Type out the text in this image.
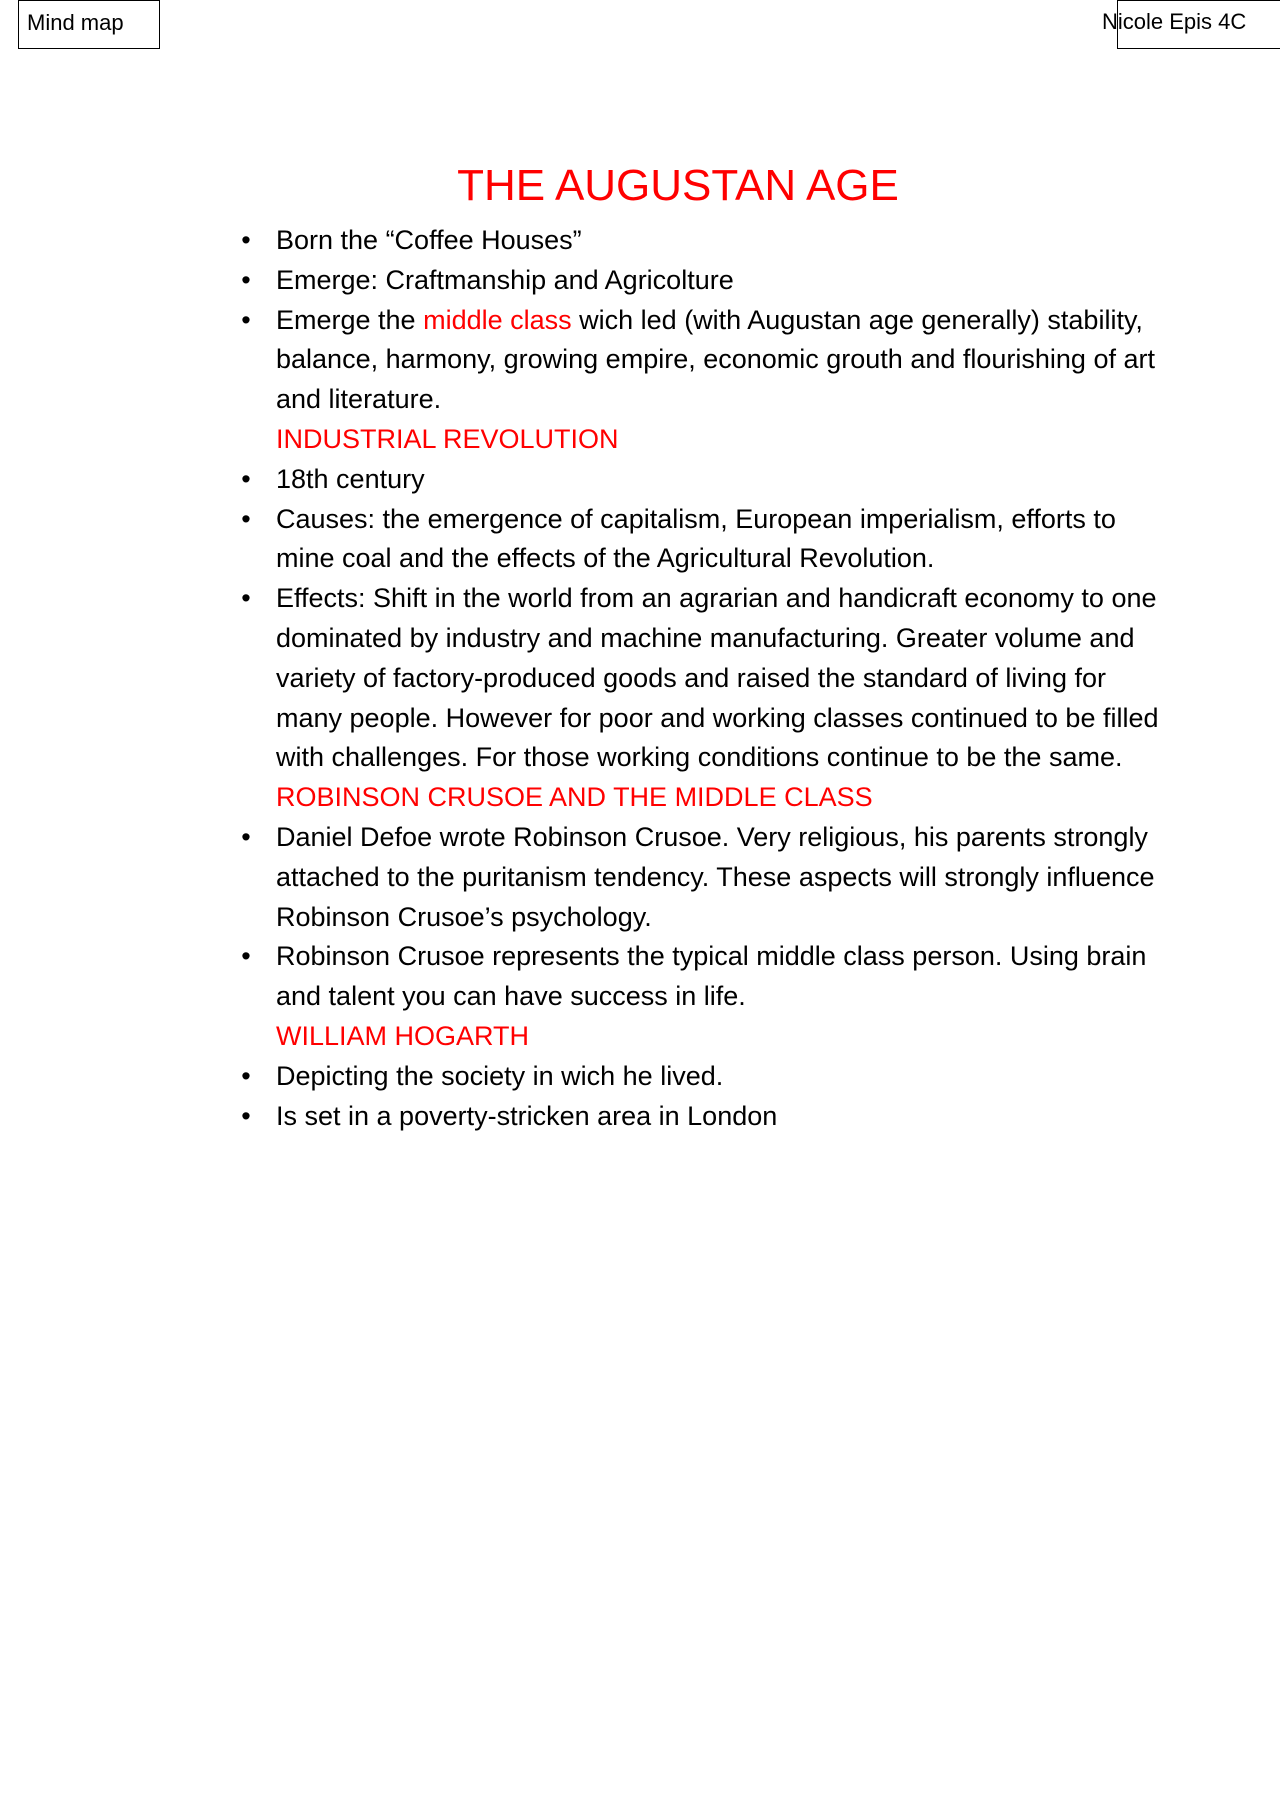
Mind map	Nicole Epis 4C
THE AUGUSTAN AGE
• Born the “Coffee Houses”
• Emerge: Craftmanship and Agricolture
• Emerge the middle class wich led (with Augustan age generally) stability, balance, harmony, growing empire, economic grouth and flourishing of art and literature.
INDUSTRIAL REVOLUTION
• 18th century
• Causes: the emergence of capitalism, European imperialism, efforts to mine coal and the effects of the Agricultural Revolution.
• Effects: Shift in the world from an agrarian and handicraft economy to one dominated by industry and machine manufacturing. Greater volume and variety of factory-produced goods and raised the standard of living for many people. However for poor and working classes continued to be filled with challenges. For those working conditions continue to be the same.
ROBINSON CRUSOE AND THE MIDDLE CLASS
• Daniel Defoe wrote Robinson Crusoe. Very religious, his parents strongly attached to the puritanism tendency. These aspects will strongly influence Robinson Crusoe’s psychology.
• Robinson Crusoe represents the typical middle class person. Using brain and talent you can have success in life.
WILLIAM HOGARTH
• Depicting the society in wich he lived.
• Is set in a poverty-stricken area in London
